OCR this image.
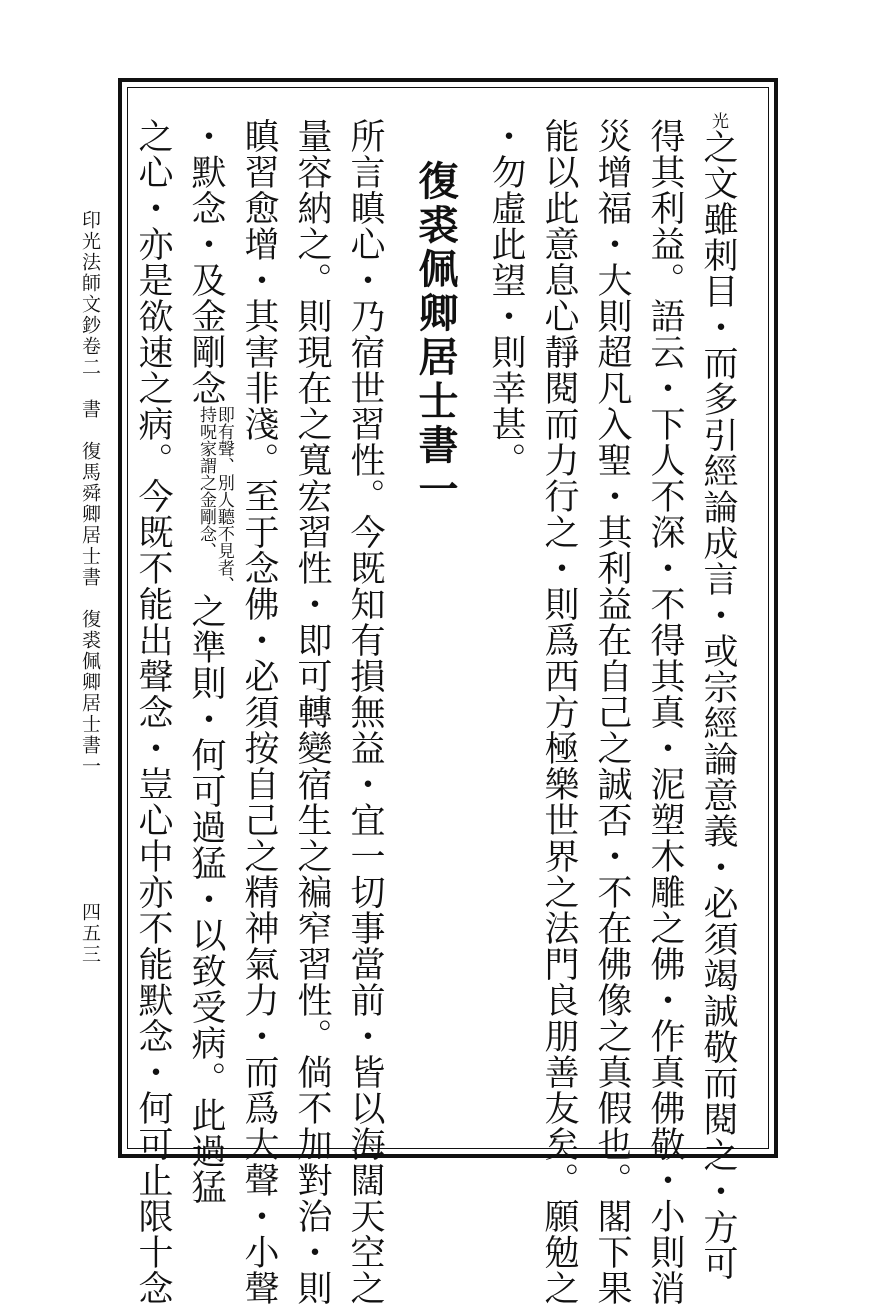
光之文雖刺目・而多引經論成言・或宗經論意義・必須竭誠敬而閱之・方可
得其利益。語云・下人不深・不得其真・泥塑木雕之佛・作真佛敬・小則消
災增福・大則超凡入聖・其利益在自己之誠否・不在佛像之真假也。閣下果
能以此意息心靜閱而力行之・則爲西方極樂世界之法門良朋善友矣。願勉之
・勿虛此望・則幸甚。
復裘佩卿居士書一
所言瞋心・乃宿世習性。今既知有損無益・宜一切事當前・皆以海闊天空之
量容納之。則現在之寬宏習性・即可轉變宿生之褊窄習性。倘不加對治・則
瞋習愈增・其害非淺。至于念佛・必須按自己之精神氣力・而爲大聲・小聲
・默念・及金剛念
即有聲、別人聽不見者、
持呪家謂之金剛念、
之準則・何可過猛・以致受病。此過猛
之心・亦是欲速之病。今既不能出聲念・豈心中亦不能默念・何可止限十念
印光法師文鈔卷二　書　復馬舜卿居士書　復裘佩卿居士書一
四五三
